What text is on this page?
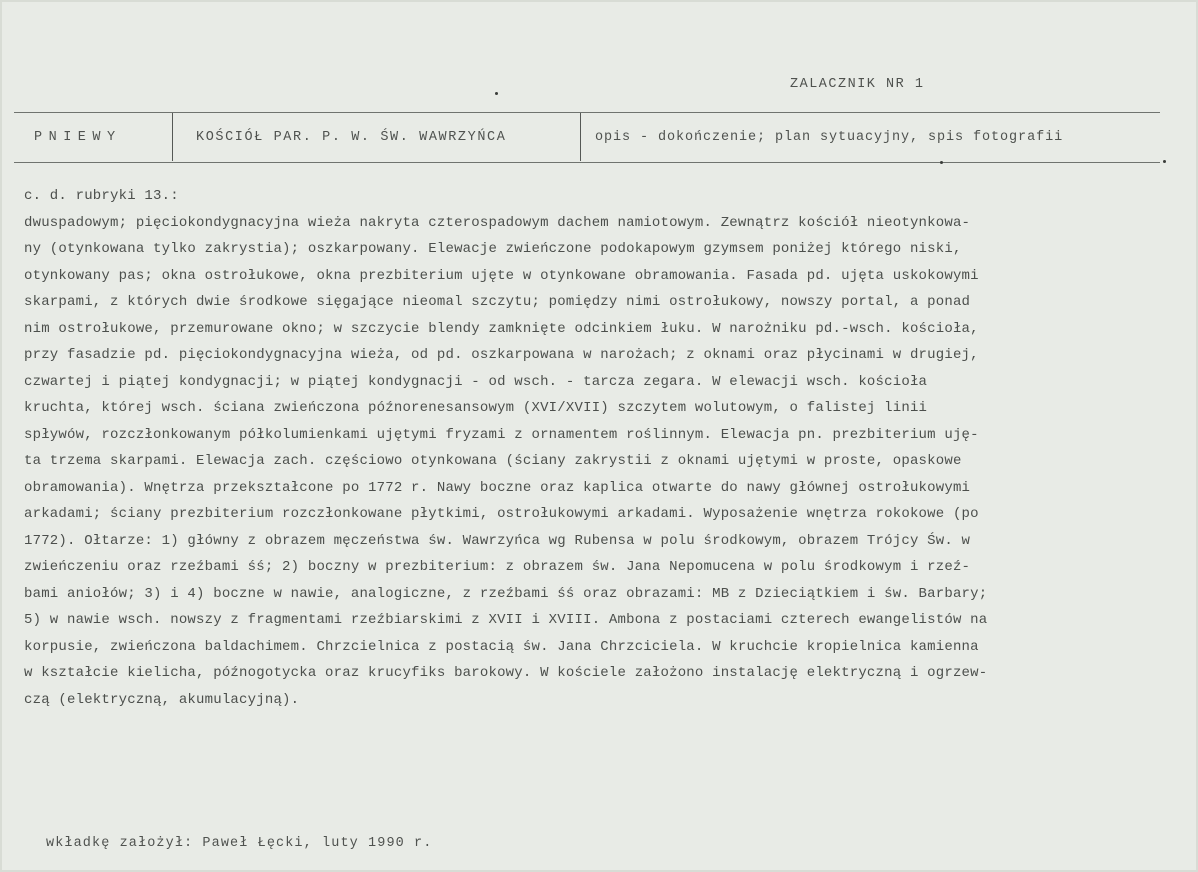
ZALACZNIK NR 1
PNIEWY	KOŚCIÓŁ PAR. P. W. ŚW. WAWRZYŃCA	opis - dokończenie; plan sytuacyjny, spis fotografii
c. d. rubryki 13.:
dwuspadowym; pięciokondygnacyjna wieża nakryta czterospadowym dachem namiotowym. Zewnątrz kościół nieotynkowa-
ny (otynkowana tylko zakrystia); oszkarpowany. Elewacje zwieńczone podokapowym gzymsem poniżej którego niski,
otynkowany pas; okna ostrołukowe, okna prezbiterium ujęte w otynkowane obramowania. Fasada pd. ujęta uskokowymi
skarpami, z których dwie środkowe sięgające nieomal szczytu; pomiędzy nimi ostrołukowy, nowszy portal, a ponad
nim ostrołukowe, przemurowane okno; w szczycie blendy zamknięte odcinkiem łuku. W narożniku pd.-wsch. kościoła,
przy fasadzie pd. pięciokondygnacyjna wieża, od pd. oszkarpowana w narożach; z oknami oraz płycinami w drugiej,
czwartej i piątej kondygnacji; w piątej kondygnacji - od wsch. - tarcza zegara. W elewacji wsch. kościoła
kruchta, której wsch. ściana zwieńczona późnorenesansowym (XVI/XVII) szczytem wolutowym, o falistej linii
spływów, rozczłonkowanym półkolumienkami ujętymi fryzami z ornamentem roślinnym. Elewacja pn. prezbiterium uję-
ta trzema skarpami. Elewacja zach. częściowo otynkowana (ściany zakrystii z oknami ujętymi w proste, opaskowe
obramowania). Wnętrza przekształcone po 1772 r. Nawy boczne oraz kaplica otwarte do nawy głównej ostrołukowymi
arkadami; ściany prezbiterium rozczłonkowane płytkimi, ostrołukowymi arkadami. Wyposażenie wnętrza rokokowe (po
1772). Ołtarze: 1) główny z obrazem męczeństwa św. Wawrzyńca wg Rubensa w polu środkowym, obrazem Trójcy Św. w
zwieńczeniu oraz rzeźbami śś; 2) boczny w prezbiterium: z obrazem św. Jana Nepomucena w polu środkowym i rzeź-
bami aniołów; 3) i 4) boczne w nawie, analogiczne, z rzeźbami śś oraz obrazami: MB z Dzieciątkiem i św. Barbary;
5) w nawie wsch. nowszy z fragmentami rzeźbiarskimi z XVII i XVIII. Ambona z postaciami czterech ewangelistów na
korpusie, zwieńczona baldachimem. Chrzcielnica z postacią św. Jana Chrzciciela. W kruchcie kropielnica kamienna
w kształcie kielicha, późnogotycka oraz krucyfiks barokowy. W kościele założono instalację elektryczną i ogrzew-
czą (elektryczną, akumulacyjną).
wkładkę założył: Paweł Łęcki, luty 1990 r.
